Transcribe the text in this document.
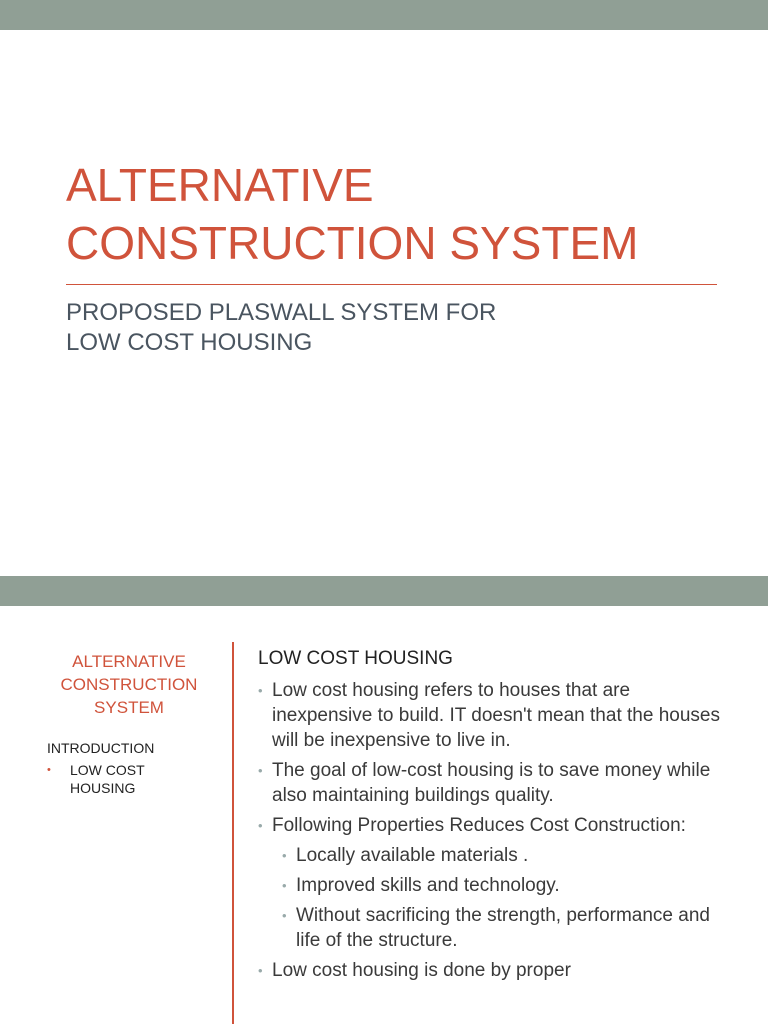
ALTERNATIVE
CONSTRUCTION SYSTEM

PROPOSED PLASWALL SYSTEM FOR
LOW COST HOUSING

ALTERNATIVE
CONSTRUCTION
SYSTEM
INTRODUCTION
• LOW COST
HOUSING
LOW COST HOUSING
• Low cost housing refers to houses that are inexpensive to build. IT doesn't mean that the houses will be inexpensive to live in.
• The goal of low-cost housing is to save money while also maintaining buildings quality.
• Following Properties Reduces Cost Construction:
• Locally available materials .
• Improved skills and technology.
• Without sacrificing the strength, performance and life of the structure.
• Low cost housing is done by proper
